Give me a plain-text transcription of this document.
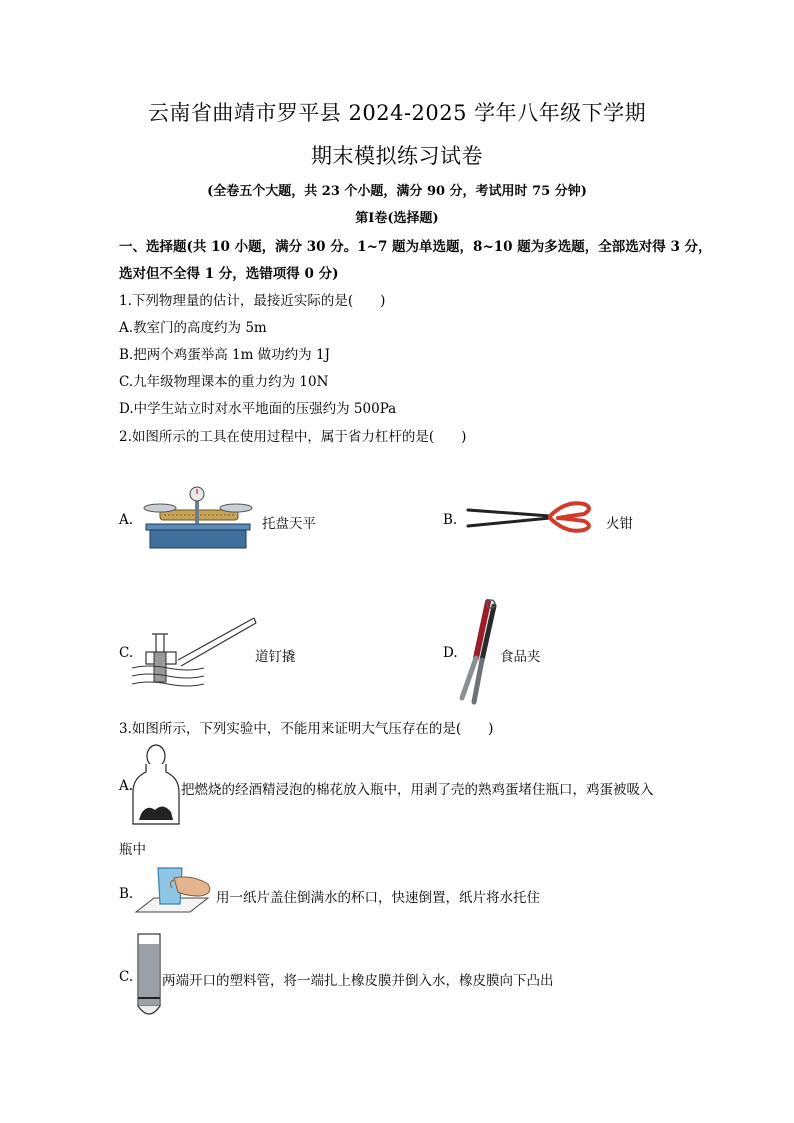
云南省曲靖市罗平县 2024-2025 学年八年级下学期
期末模拟练习试卷
(全卷五个大题，共 23 个小题，满分 90 分，考试用时 75 分钟)
第Ⅰ卷(选择题)
一、选择题(共 10 小题，满分 30 分。1~7 题为单选题，8~10 题为多选题，全部选对得 3 分，
选对但不全得 1 分，选错项得 0 分)
1.下列物理量的估计，最接近实际的是(　　)
A.教室门的高度约为 5m
B.把两个鸡蛋举高 1m 做功约为 1J
C.九年级物理课本的重力约为 10N
D.中学生站立时对水平地面的压强约为 500Pa
2.如图所示的工具在使用过程中，属于省力杠杆的是(　　)
A.	托盘天平	B.	火钳
C.	道钉撬	D.	食品夹
3.如图所示，下列实验中，不能用来证明大气压存在的是(　　)
A.	把燃烧的经酒精浸泡的棉花放入瓶中，用剥了壳的熟鸡蛋堵住瓶口，鸡蛋被吸入
瓶中
B.	用一纸片盖住倒满水的杯口，快速倒置，纸片将水托住
C. 两端开口的塑料管，将一端扎上橡皮膜并倒入水，橡皮膜向下凸出
